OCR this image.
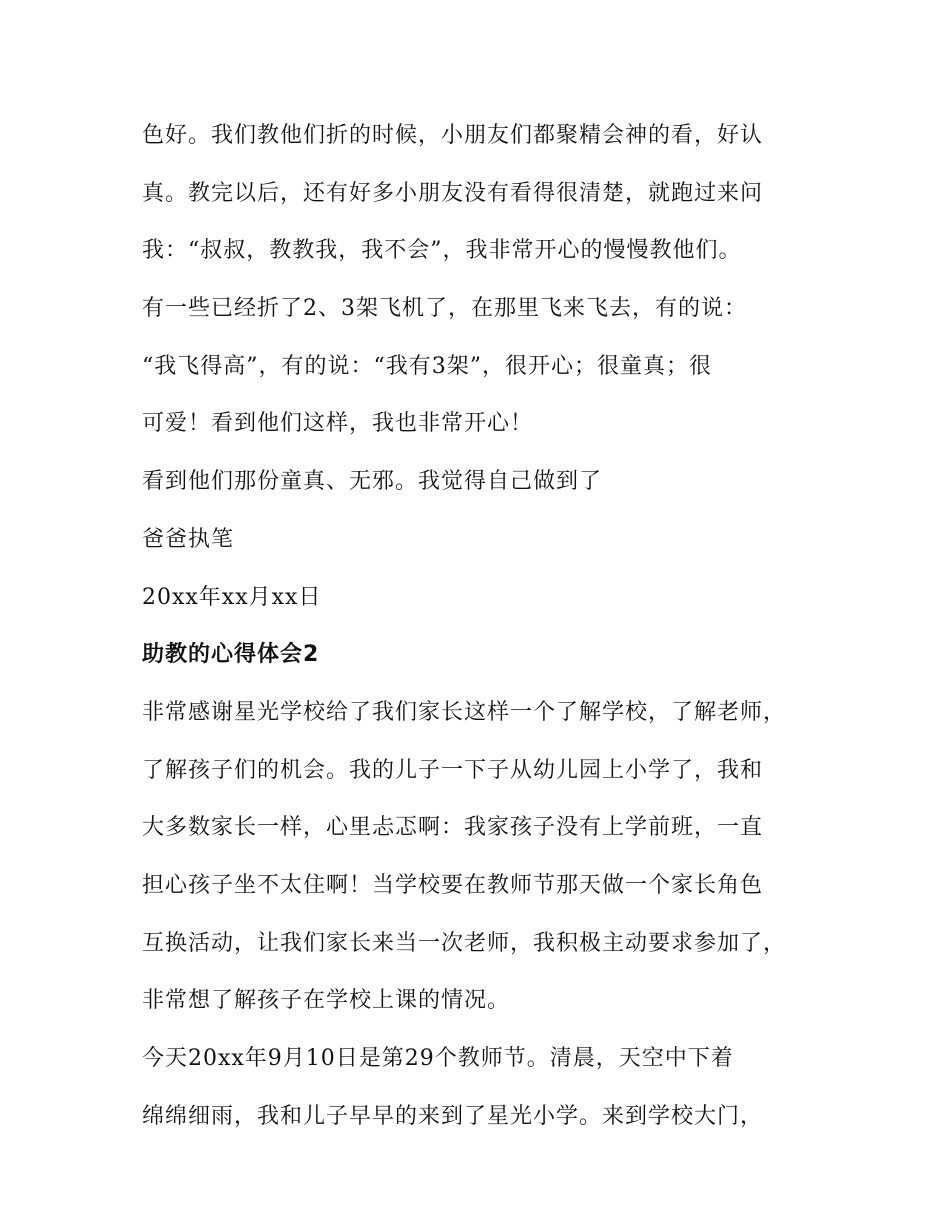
色好。我们教他们折的时候，小朋友们都聚精会神的看，好认
真。教完以后，还有好多小朋友没有看得很清楚，就跑过来问
我：“叔叔，教教我，我不会”，我非常开心的慢慢教他们。
有一些已经折了2、3架飞机了，在那里飞来飞去，有的说：
“我飞得高”，有的说：“我有3架”，很开心；很童真；很
可爱！看到他们这样，我也非常开心！
看到他们那份童真、无邪。我觉得自己做到了
爸爸执笔
20xx年xx月xx日
助教的心得体会2
非常感谢星光学校给了我们家长这样一个了解学校，了解老师，
了解孩子们的机会。我的儿子一下子从幼儿园上小学了，我和
大多数家长一样，心里忐忑啊：我家孩子没有上学前班，一直
担心孩子坐不太住啊！当学校要在教师节那天做一个家长角色
互换活动，让我们家长来当一次老师，我积极主动要求参加了，
非常想了解孩子在学校上课的情况。
今天20xx年9月10日是第29个教师节。清晨，天空中下着
绵绵细雨，我和儿子早早的来到了星光小学。来到学校大门，
